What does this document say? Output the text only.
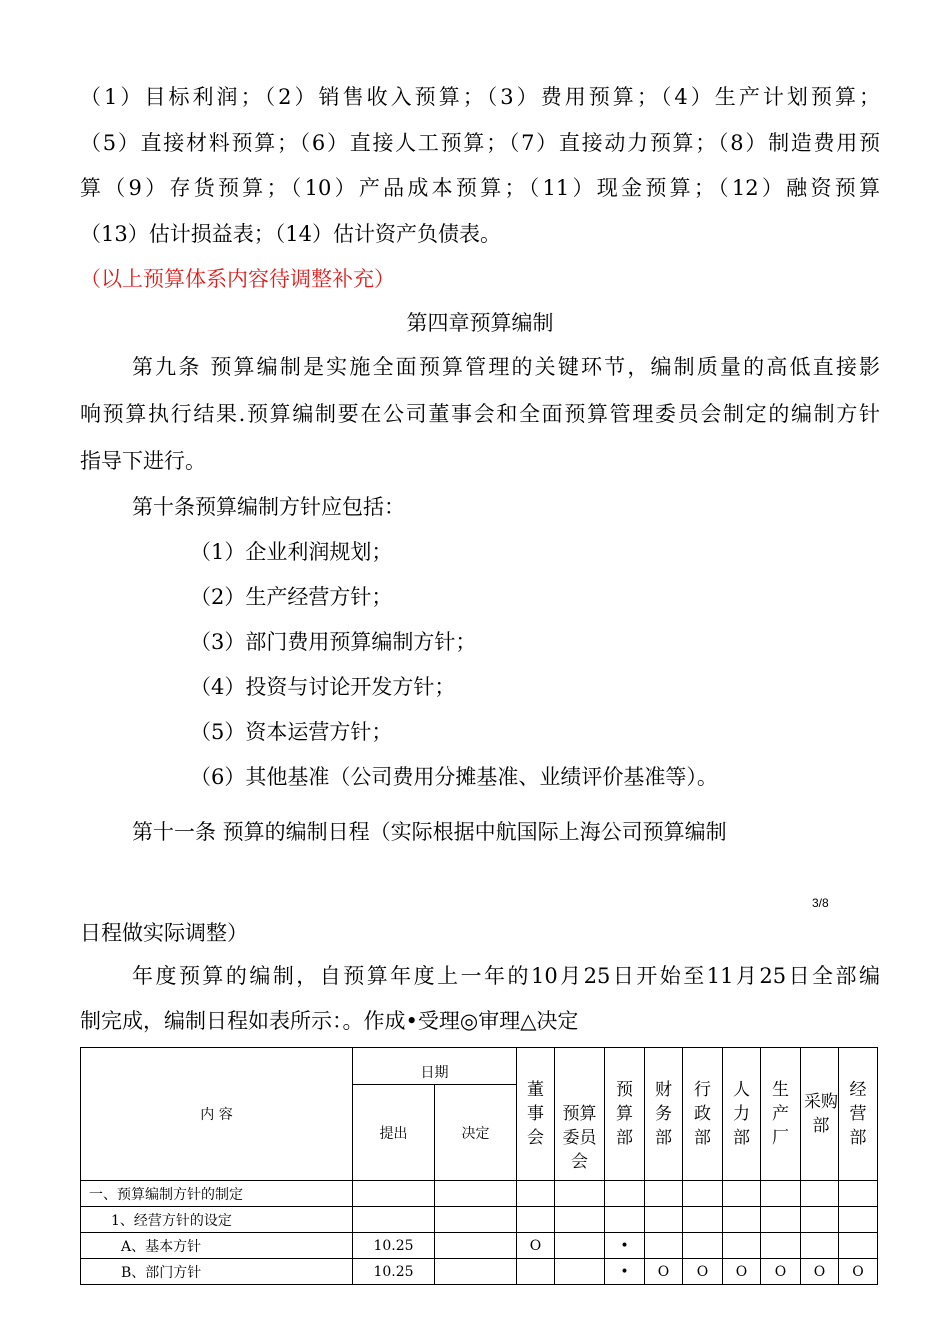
（1）目标利润；（2）销售收入预算；（3）费用预算；（4）生产计划预算；
（5）直接材料预算；（6）直接人工预算；（7）直接动力预算；（8）制造费用预
算（9）存货预算；（10）产品成本预算；（11）现金预算；（12）融资预算
（13）估计损益表；（14）估计资产负债表。
（以上预算体系内容待调整补充）
第四章预算编制
第九条 预算编制是实施全面预算管理的关键环节，编制质量的高低直接影
响预算执行结果.预算编制要在公司董事会和全面预算管理委员会制定的编制方针
指导下进行。
第十条预算编制方针应包括：
（1）企业利润规划；
（2）生产经营方针；
（3）部门费用预算编制方针；
（4）投资与讨论开发方针；
（5）资本运营方针；
（6）其他基准（公司费用分摊基准、业绩评价基准等）。
第十一条 预算的编制日程（实际根据中航国际上海公司预算编制
3/8
日程做实际调整）
年度预算的编制，自预算年度上一年的10月25日开始至11月25日全部编
制完成，编制日程如表所示：。作成•受理◎审理△决定
内 容	日期		董事会	预算委员会	预算部	财务部	行政部	人力部	生产厂	采购部	经营部

	提出	决定									
一、预算编制方针的制定											
1、经营方针的设定											
A、基本方针	10.25		O		•						
B、部门方针	10.25				•	O	O	O	O	O	O
